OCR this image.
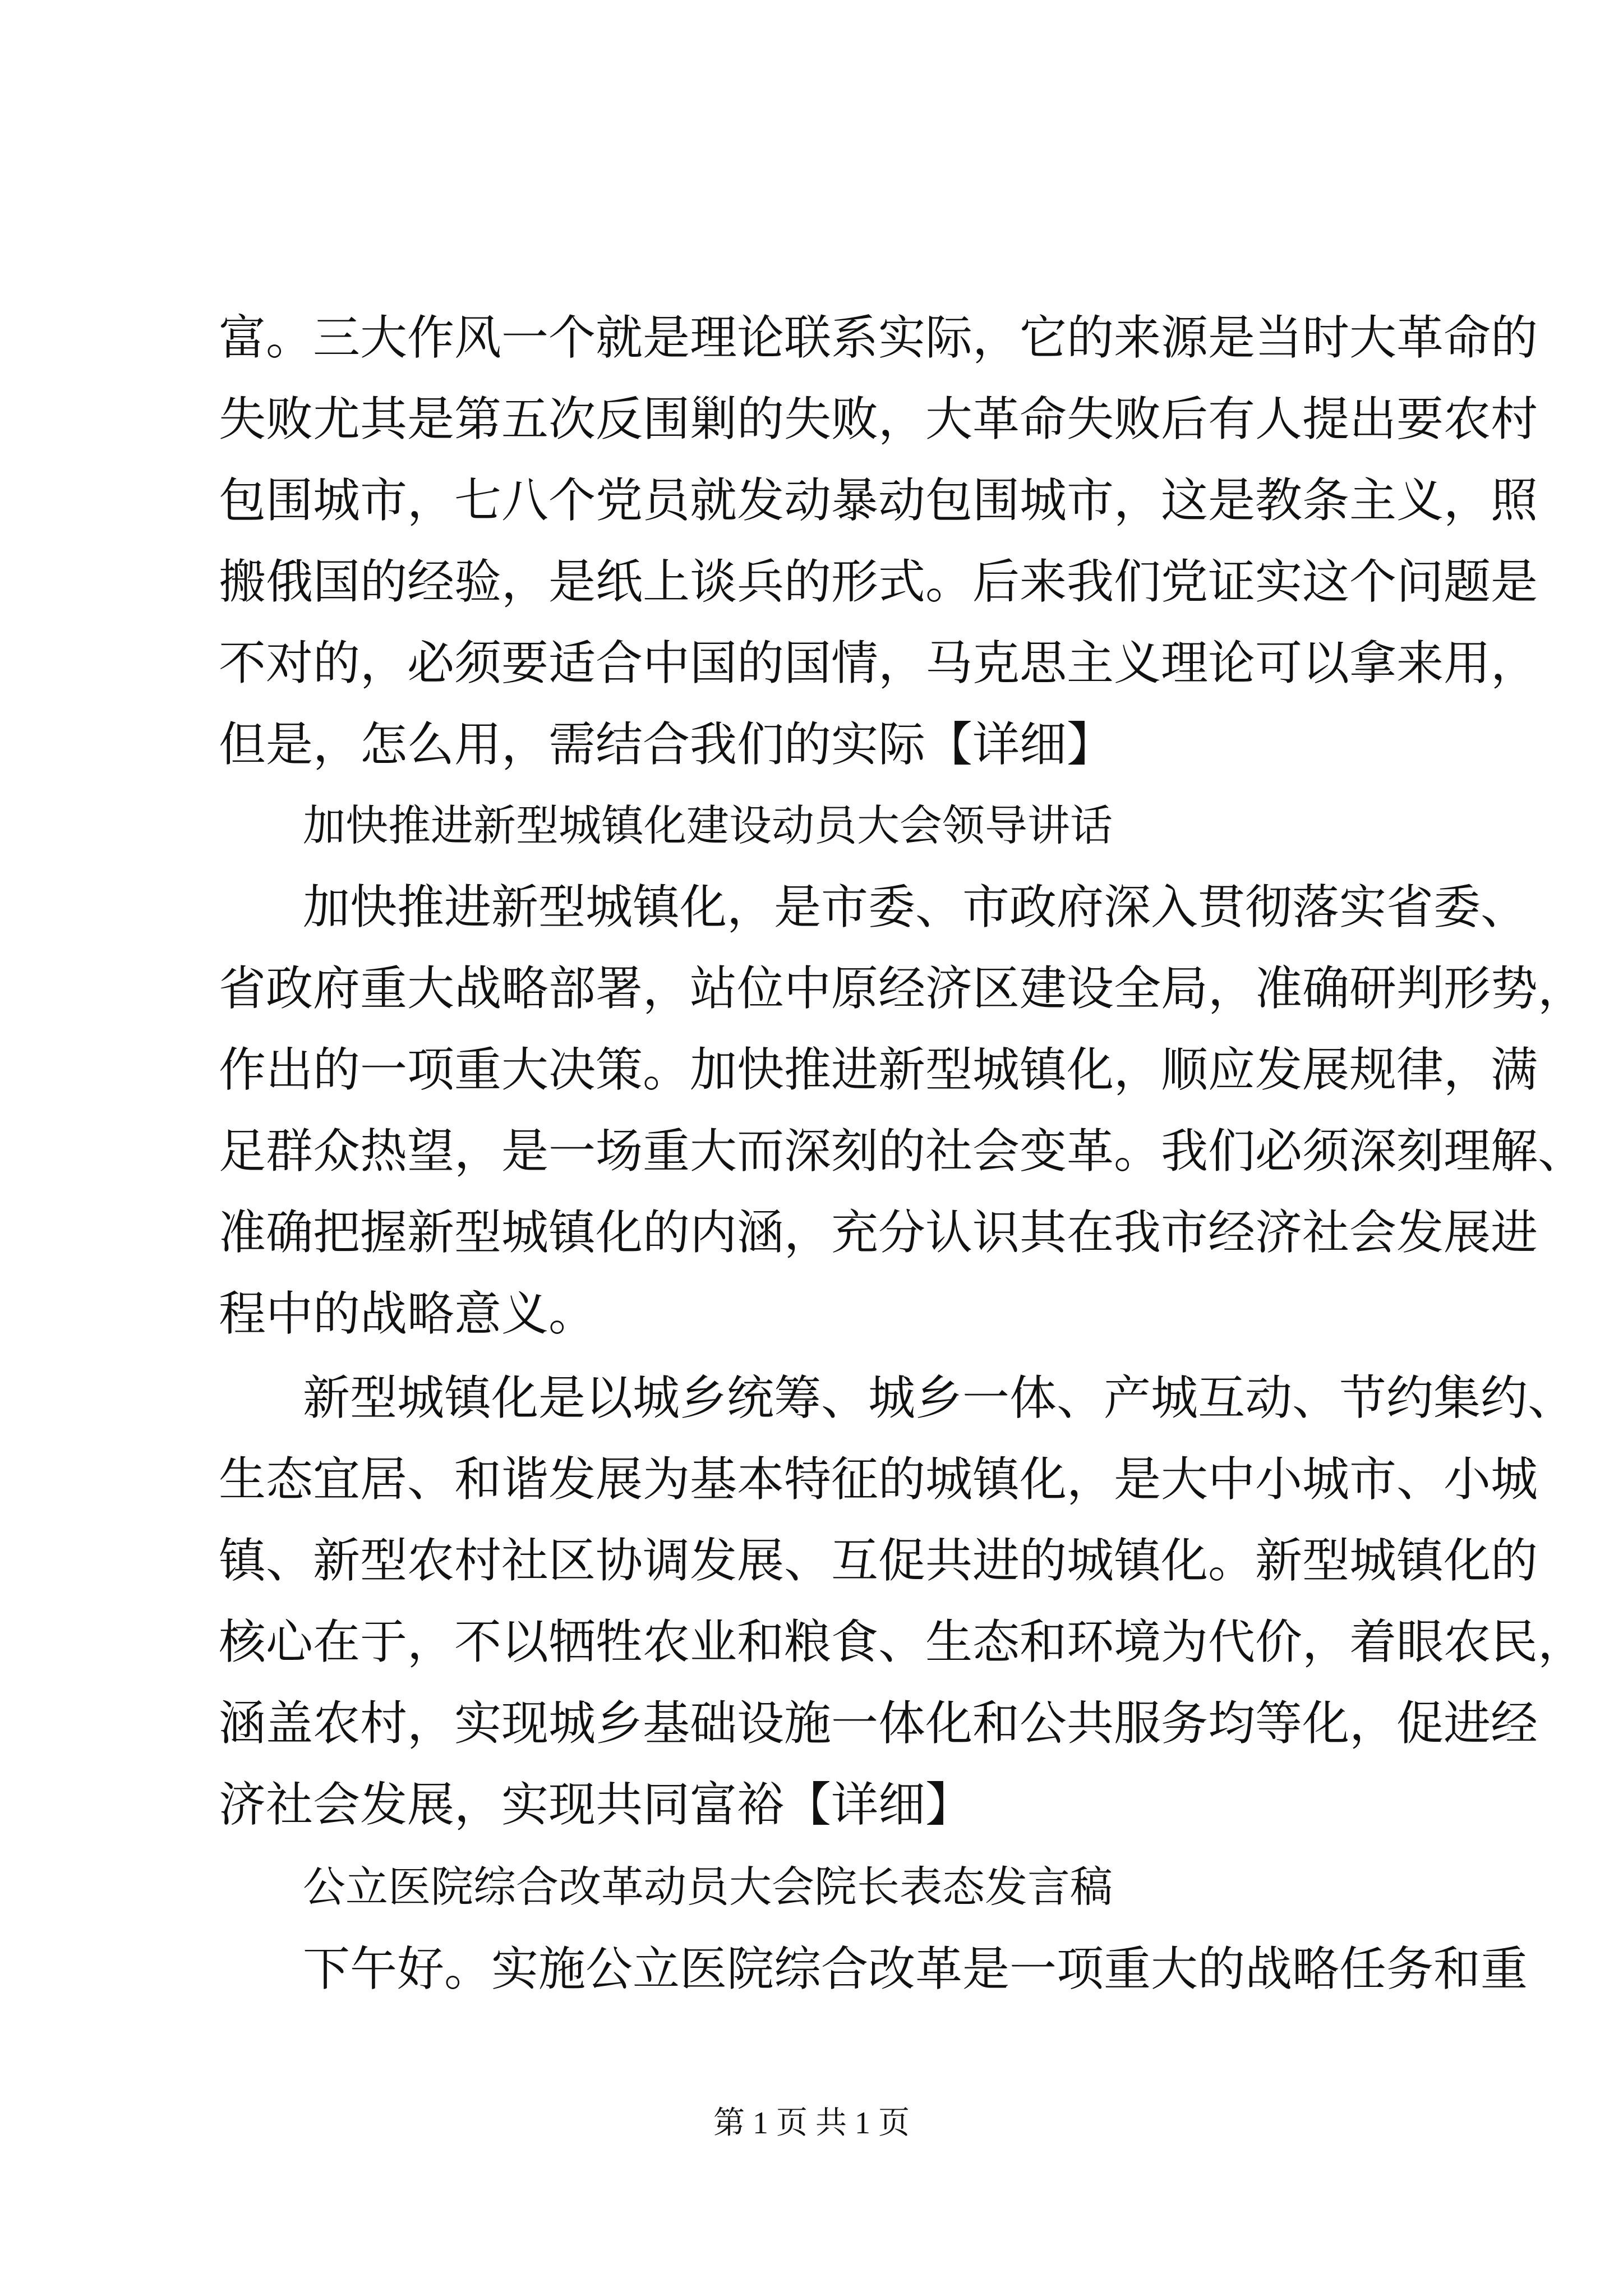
富。三大作风一个就是理论联系实际，它的来源是当时大革命的
失败尤其是第五次反围剿的失败，大革命失败后有人提出要农村
包围城市，七八个党员就发动暴动包围城市，这是教条主义，照
搬俄国的经验，是纸上谈兵的形式。后来我们党证实这个问题是
不对的，必须要适合中国的国情，马克思主义理论可以拿来用，
但是，怎么用，需结合我们的实际【详细】
加快推进新型城镇化建设动员大会领导讲话
加快推进新型城镇化，是市委、市政府深入贯彻落实省委、
省政府重大战略部署，站位中原经济区建设全局，准确研判形势，
作出的一项重大决策。加快推进新型城镇化，顺应发展规律，满
足群众热望，是一场重大而深刻的社会变革。我们必须深刻理解、
准确把握新型城镇化的内涵，充分认识其在我市经济社会发展进
程中的战略意义。
新型城镇化是以城乡统筹、城乡一体、产城互动、节约集约、
生态宜居、和谐发展为基本特征的城镇化，是大中小城市、小城
镇、新型农村社区协调发展、互促共进的城镇化。新型城镇化的
核心在于，不以牺牲农业和粮食、生态和环境为代价，着眼农民，
涵盖农村，实现城乡基础设施一体化和公共服务均等化，促进经
济社会发展，实现共同富裕【详细】
公立医院综合改革动员大会院长表态发言稿
下午好。实施公立医院综合改革是一项重大的战略任务和重
第 1 页 共 1 页
